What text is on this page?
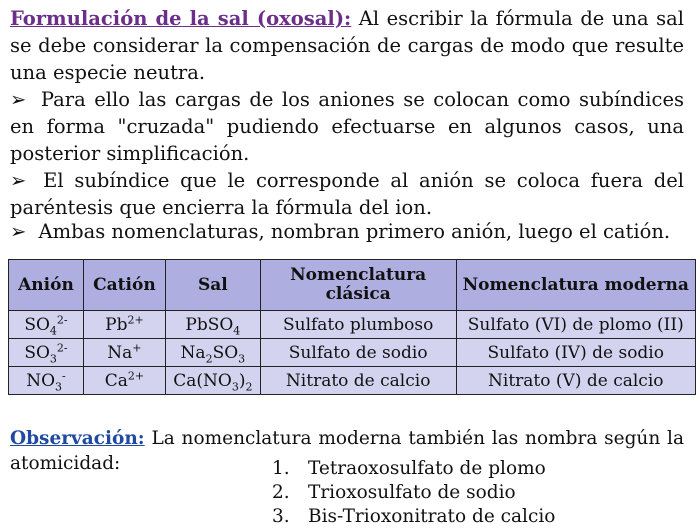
Formulación de la sal (oxosal): Al escribir la fórmula de una sal se debe considerar la compensación de cargas de modo que resulte una especie neutra.
➢ Para ello las cargas de los aniones se colocan como subíndices en forma "cruzada" pudiendo efectuarse en algunos casos, una posterior simplificación.
➢ El subíndice que le corresponde al anión se coloca fuera del paréntesis que encierra la fórmula del ion.
➢ Ambas nomenclaturas, nombran primero anión, luego el catión.
Anión	Catión	Sal	Nomenclatura clásica	Nomenclatura moderna
$SO_4^{2-}$	$Pb^{2+}$	PbSO$_4$	Sulfato plumboso	Sulfato (VI) de plomo (II)
$SO_3^{2-}$	Na+	$Na_2SO_3$	Sulfato de sodio	Sulfato (IV) de sodio
$NO_3^-$	$Ca^{2+}$	$Ca(NO_3)_2$	Nitrato de calcio	Nitrato (V) de calcio
Observación: La nomenclatura moderna también las nombra según la atomicidad:	1. Tetraoxosulfato de plomo
2. Trioxosulfato de sodio
3. Bis-Trioxonitrato de calcio
